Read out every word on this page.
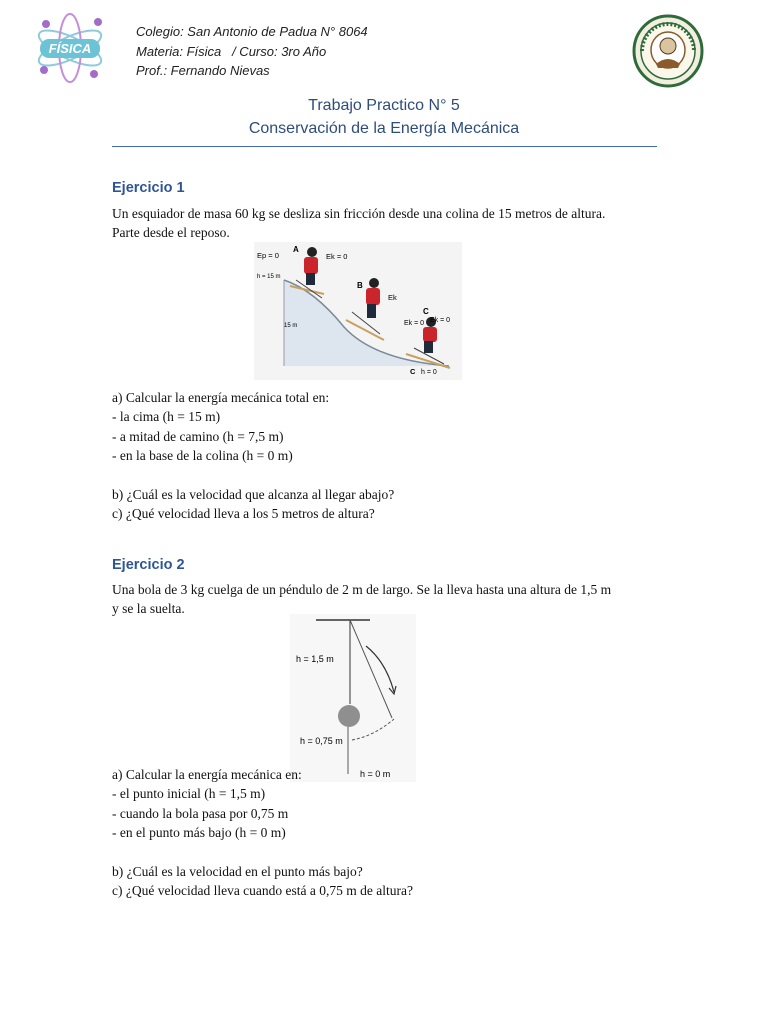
FÍSICA
Colegio: San Antonio de Padua N° 8064
Materia: Física   / Curso: 3ro Año
Prof.: Fernando Nievas
Trabajo Practico N° 5
Conservación de la Energía Mecánica
Ejercicio 1
Un esquiador de masa 60 kg se desliza sin fricción desde una colina de 15 metros de altura.
Parte desde el reposo.
Ep = 0
A
Ek = 0
h = 15 m
15 m
B
Ek
C
Ek = 0 Ek = 0
C h = 0
a) Calcular la energía mecánica total en:
- la cima (h = 15 m)
- a mitad de camino (h = 7,5 m)
- en la base de la colina (h = 0 m)
b) ¿Cuál es la velocidad que alcanza al llegar abajo?
c) ¿Qué velocidad lleva a los 5 metros de altura?
Ejercicio 2
Una bola de 3 kg cuelga de un péndulo de 2 m de largo. Se la lleva hasta una altura de 1,5 m
y se la suelta.
h = 1,5 m
h = 0,75 m
h = 0 m
a) Calcular la energía mecánica en:
- el punto inicial (h = 1,5 m)
- cuando la bola pasa por 0,75 m
- en el punto más bajo (h = 0 m)
b) ¿Cuál es la velocidad en el punto más bajo?
c) ¿Qué velocidad lleva cuando está a 0,75 m de altura?
